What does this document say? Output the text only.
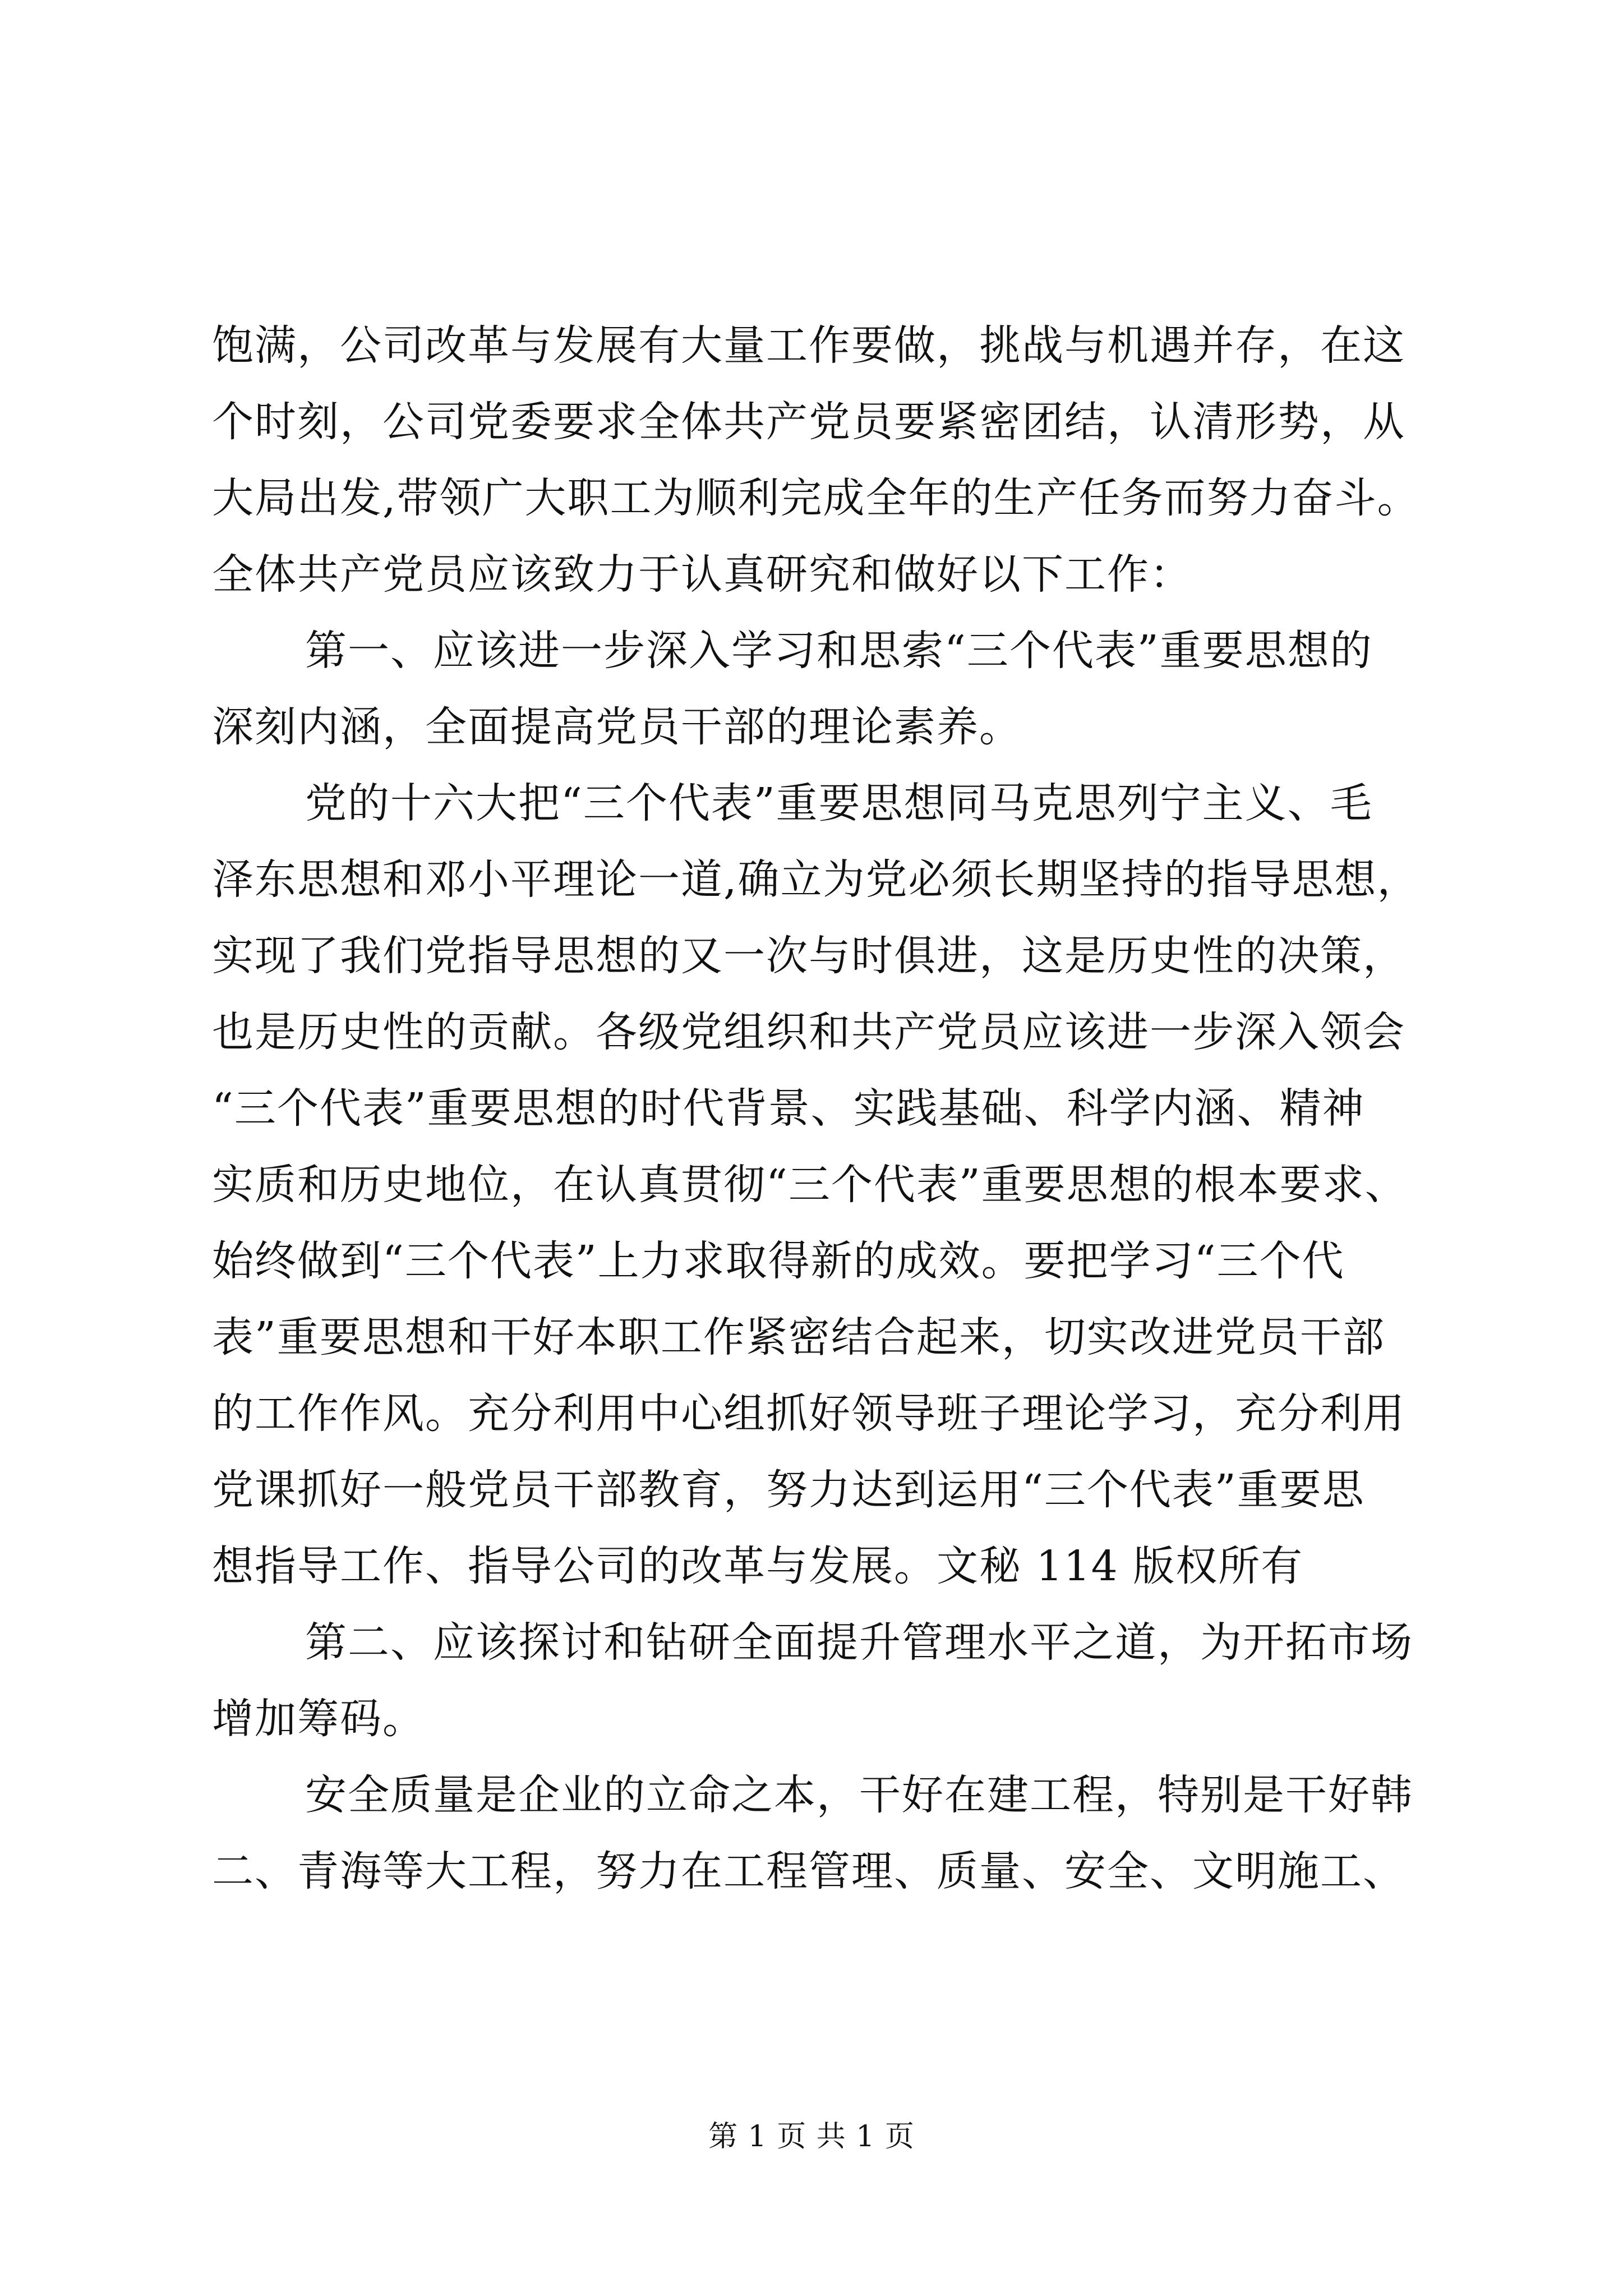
饱满，公司改革与发展有大量工作要做，挑战与机遇并存，在这
个时刻，公司党委要求全体共产党员要紧密团结，认清形势，从
大局出发,带领广大职工为顺利完成全年的生产任务而努力奋斗。
全体共产党员应该致力于认真研究和做好以下工作：
第一、应该进一步深入学习和思索“三个代表”重要思想的
深刻内涵，全面提高党员干部的理论素养。
党的十六大把“三个代表”重要思想同马克思列宁主义、毛
泽东思想和邓小平理论一道,确立为党必须长期坚持的指导思想，
实现了我们党指导思想的又一次与时俱进，这是历史性的决策，
也是历史性的贡献。各级党组织和共产党员应该进一步深入领会
“三个代表”重要思想的时代背景、实践基础、科学内涵、精神
实质和历史地位，在认真贯彻“三个代表”重要思想的根本要求、
始终做到“三个代表”上力求取得新的成效。要把学习“三个代
表”重要思想和干好本职工作紧密结合起来，切实改进党员干部
的工作作风。充分利用中心组抓好领导班子理论学习，充分利用
党课抓好一般党员干部教育，努力达到运用“三个代表”重要思
想指导工作、指导公司的改革与发展。文秘 114 版权所有
第二、应该探讨和钻研全面提升管理水平之道，为开拓市场
增加筹码。
安全质量是企业的立命之本，干好在建工程，特别是干好韩
二、青海等大工程，努力在工程管理、质量、安全、文明施工、
第 1 页 共 1 页
